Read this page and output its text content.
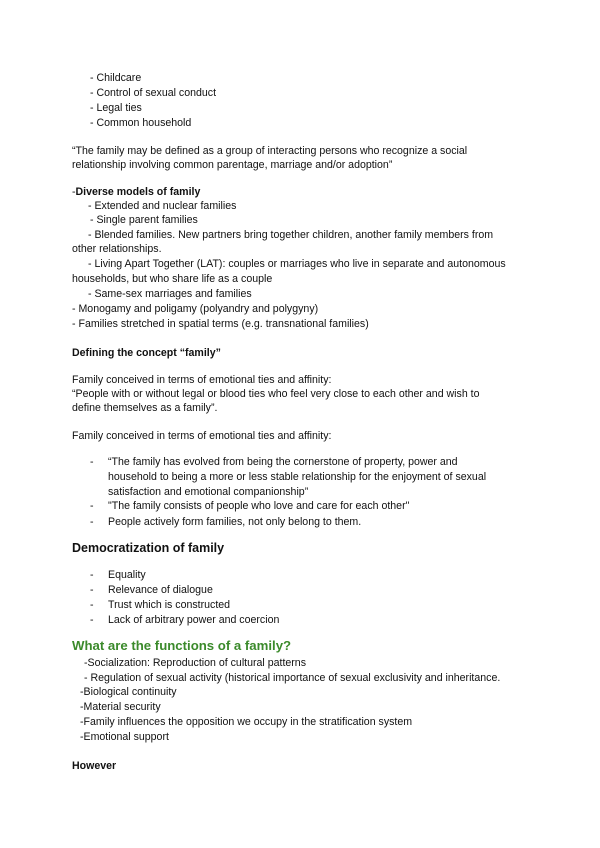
- Childcare
- Control of sexual conduct
- Legal ties
- Common household
“The family may be defined as a group of interacting persons who recognize a social
relationship involving common parentage, marriage and/or adoption”
-Diverse models of family
- Extended and nuclear families
- Single parent families
- Blended families. New partners bring together children, another family members from
other relationships.
- Living Apart Together (LAT): couples or marriages who live in separate and autonomous
households, but who share life as a couple
- Same-sex marriages and families
- Monogamy and poligamy (polyandry and polygyny)
- Families stretched in spatial terms (e.g. transnational families)
Defining the concept “family”
Family conceived in terms of emotional ties and affinity:
“People with or without legal or blood ties who feel very close to each other and wish to
define themselves as a family”.
Family conceived in terms of emotional ties and affinity:
- “The family has evolved from being the cornerstone of property, power and
household to being a more or less stable relationship for the enjoyment of sexual
satisfaction and emotional companionship”
- "The family consists of people who love and care for each other"
- People actively form families, not only belong to them.
Democratization of family
- Equality
- Relevance of dialogue
- Trust which is constructed
- Lack of arbitrary power and coercion
What are the functions of a family?
-Socialization: Reproduction of cultural patterns
- Regulation of sexual activity (historical importance of sexual exclusivity and inheritance.
-Biological continuity
-Material security
-Family influences the opposition we occupy in the stratification system
-Emotional support
However
